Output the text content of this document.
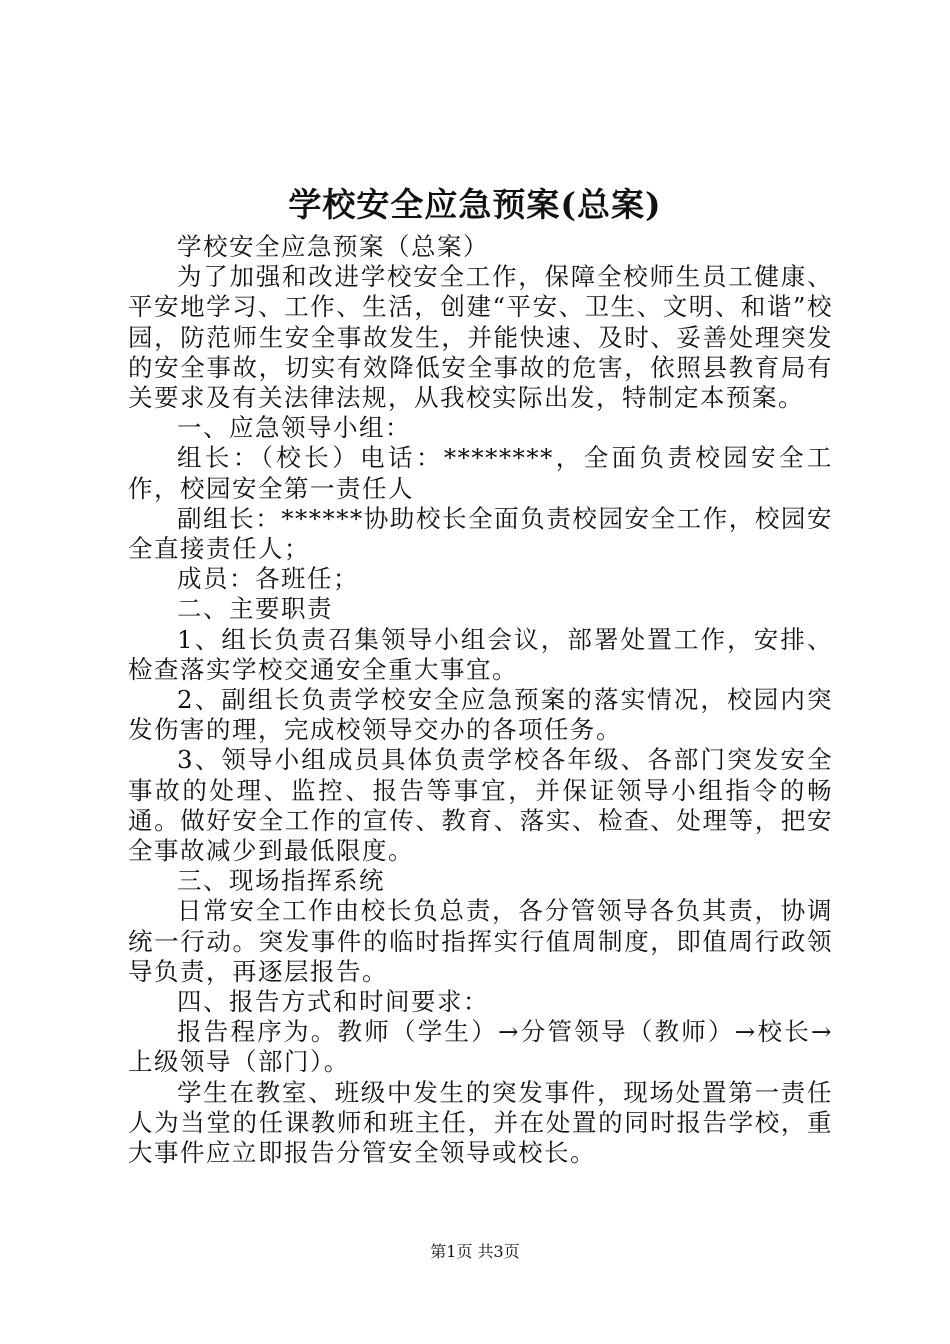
学校安全应急预案(总案)

学校安全应急预案（总案）

为了加强和改进学校安全工作，保障全校师生员工健康、平安地学习、工作、生活，创建“平安、卫生、文明、和谐”校园，防范师生安全事故发生，并能快速、及时、妥善处理突发的安全事故，切实有效降低安全事故的危害，依照县教育局有关要求及有关法律法规，从我校实际出发，特制定本预案。

一、应急领导小组：

组长：（校长）电话：********，全面负责校园安全工作，校园安全第一责任人

副组长：******协助校长全面负责校园安全工作，校园安全直接责任人；

成员：各班任；

二、主要职责

1、组长负责召集领导小组会议，部署处置工作，安排、检查落实学校交通安全重大事宜。

2、副组长负责学校安全应急预案的落实情况，校园内突发伤害的理，完成校领导交办的各项任务。

3、领导小组成员具体负责学校各年级、各部门突发安全事故的处理、监控、报告等事宜，并保证领导小组指令的畅通。做好安全工作的宣传、教育、落实、检查、处理等，把安全事故减少到最低限度。

三、现场指挥系统

日常安全工作由校长负总责，各分管领导各负其责，协调统一行动。突发事件的临时指挥实行值周制度，即值周行政领导负责，再逐层报告。

四、报告方式和时间要求：

报告程序为。教师（学生）→分管领导（教师）→校长→上级领导（部门）。

学生在教室、班级中发生的突发事件，现场处置第一责任人为当堂的任课教师和班主任，并在处置的同时报告学校，重大事件应立即报告分管安全领导或校长。

第1页 共3页
